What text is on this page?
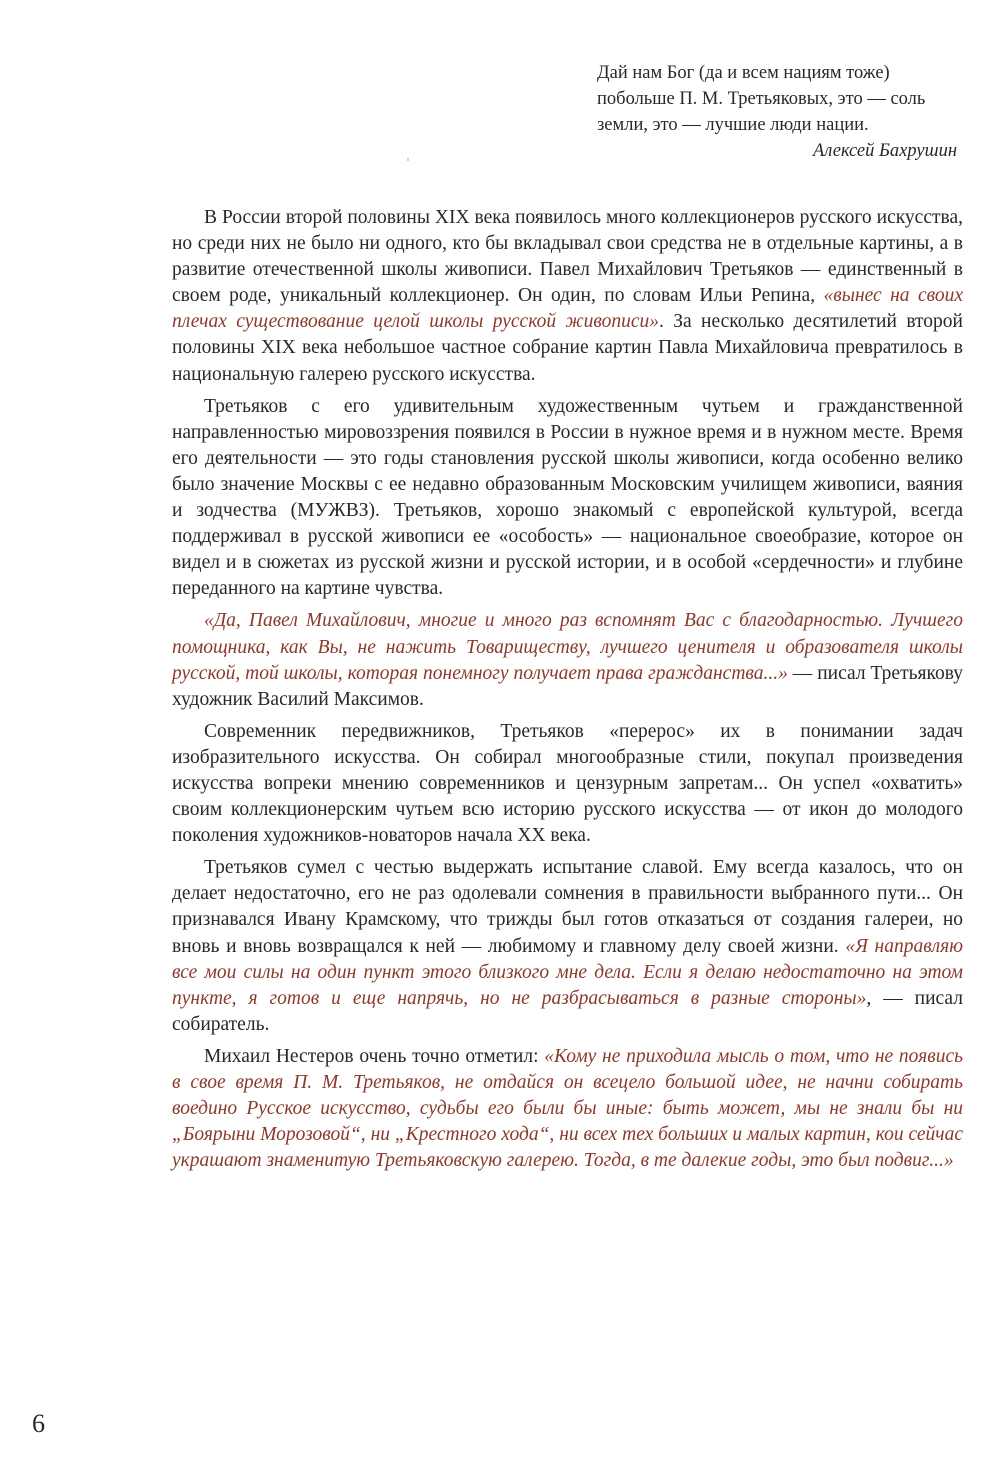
Дай нам Бог (да и всем нациям тоже)
побольше П. М. Третьяковых, это — соль
земли, это — лучшие люди нации.
Алексей Бахрушин

В России второй половины XIX века появилось много коллекционеров русского искусства, но среди них не было ни одного, кто бы вкладывал свои средства не в отдельные картины, а в развитие отечественной школы живописи. Павел Михайлович Третьяков — единственный в своем роде, уникальный коллекционер. Он один, по словам Ильи Репина, «вынес на своих плечах существование целой школы русской живописи». За несколько десятилетий второй половины XIX века небольшое частное собрание картин Павла Михайловича превратилось в национальную галерею русского искусства.

Третьяков с его удивительным художественным чутьем и гражданственной направленностью мировоззрения появился в России в нужное время и в нужном месте. Время его деятельности — это годы становления русской школы живописи, когда особенно велико было значение Москвы с ее недавно образованным Московским училищем живописи, ваяния и зодчества (МУЖВЗ). Третьяков, хорошо знакомый с европейской культурой, всегда поддерживал в русской живописи ее «особость» — национальное своеобразие, которое он видел и в сюжетах из русской жизни и русской истории, и в особой «сердечности» и глубине переданного на картине чувства.

«Да, Павел Михайлович, многие и много раз вспомнят Вас с благодарностью. Лучшего помощника, как Вы, не нажить Товариществу, лучшего ценителя и образователя школы русской, той школы, которая понемногу получает права гражданства...» — писал Третьякову художник Василий Максимов.

Современник передвижников, Третьяков «перерос» их в понимании задач изобразительного искусства. Он собирал многообразные стили, покупал произведения искусства вопреки мнению современников и цензурным запретам... Он успел «охватить» своим коллекционерским чутьем всю историю русского искусства — от икон до молодого поколения художников-новаторов начала XX века.

Третьяков сумел с честью выдержать испытание славой. Ему всегда казалось, что он делает недостаточно, его не раз одолевали сомнения в правильности выбранного пути... Он признавался Ивану Крамскому, что трижды был готов отказаться от создания галереи, но вновь и вновь возвращался к ней — любимому и главному делу своей жизни. «Я направляю все мои силы на один пункт этого близкого мне дела. Если я делаю недостаточно на этом пункте, я готов и еще напрячь, но не разбрасываться в разные стороны», — писал собиратель.

Михаил Нестеров очень точно отметил: «Кому не приходила мысль о том, что не появись в свое время П. М. Третьяков, не отдайся он всецело большой идее, не начни собирать воедино Русское искусство, судьбы его были бы иные: быть может, мы не знали бы ни „Боярыни Морозовой“, ни „Крестного хода“, ни всех тех больших и малых картин, кои сейчас украшают знаменитую Третьяковскую галерею. Тогда, в те далекие годы, это был подвиг...»

6
